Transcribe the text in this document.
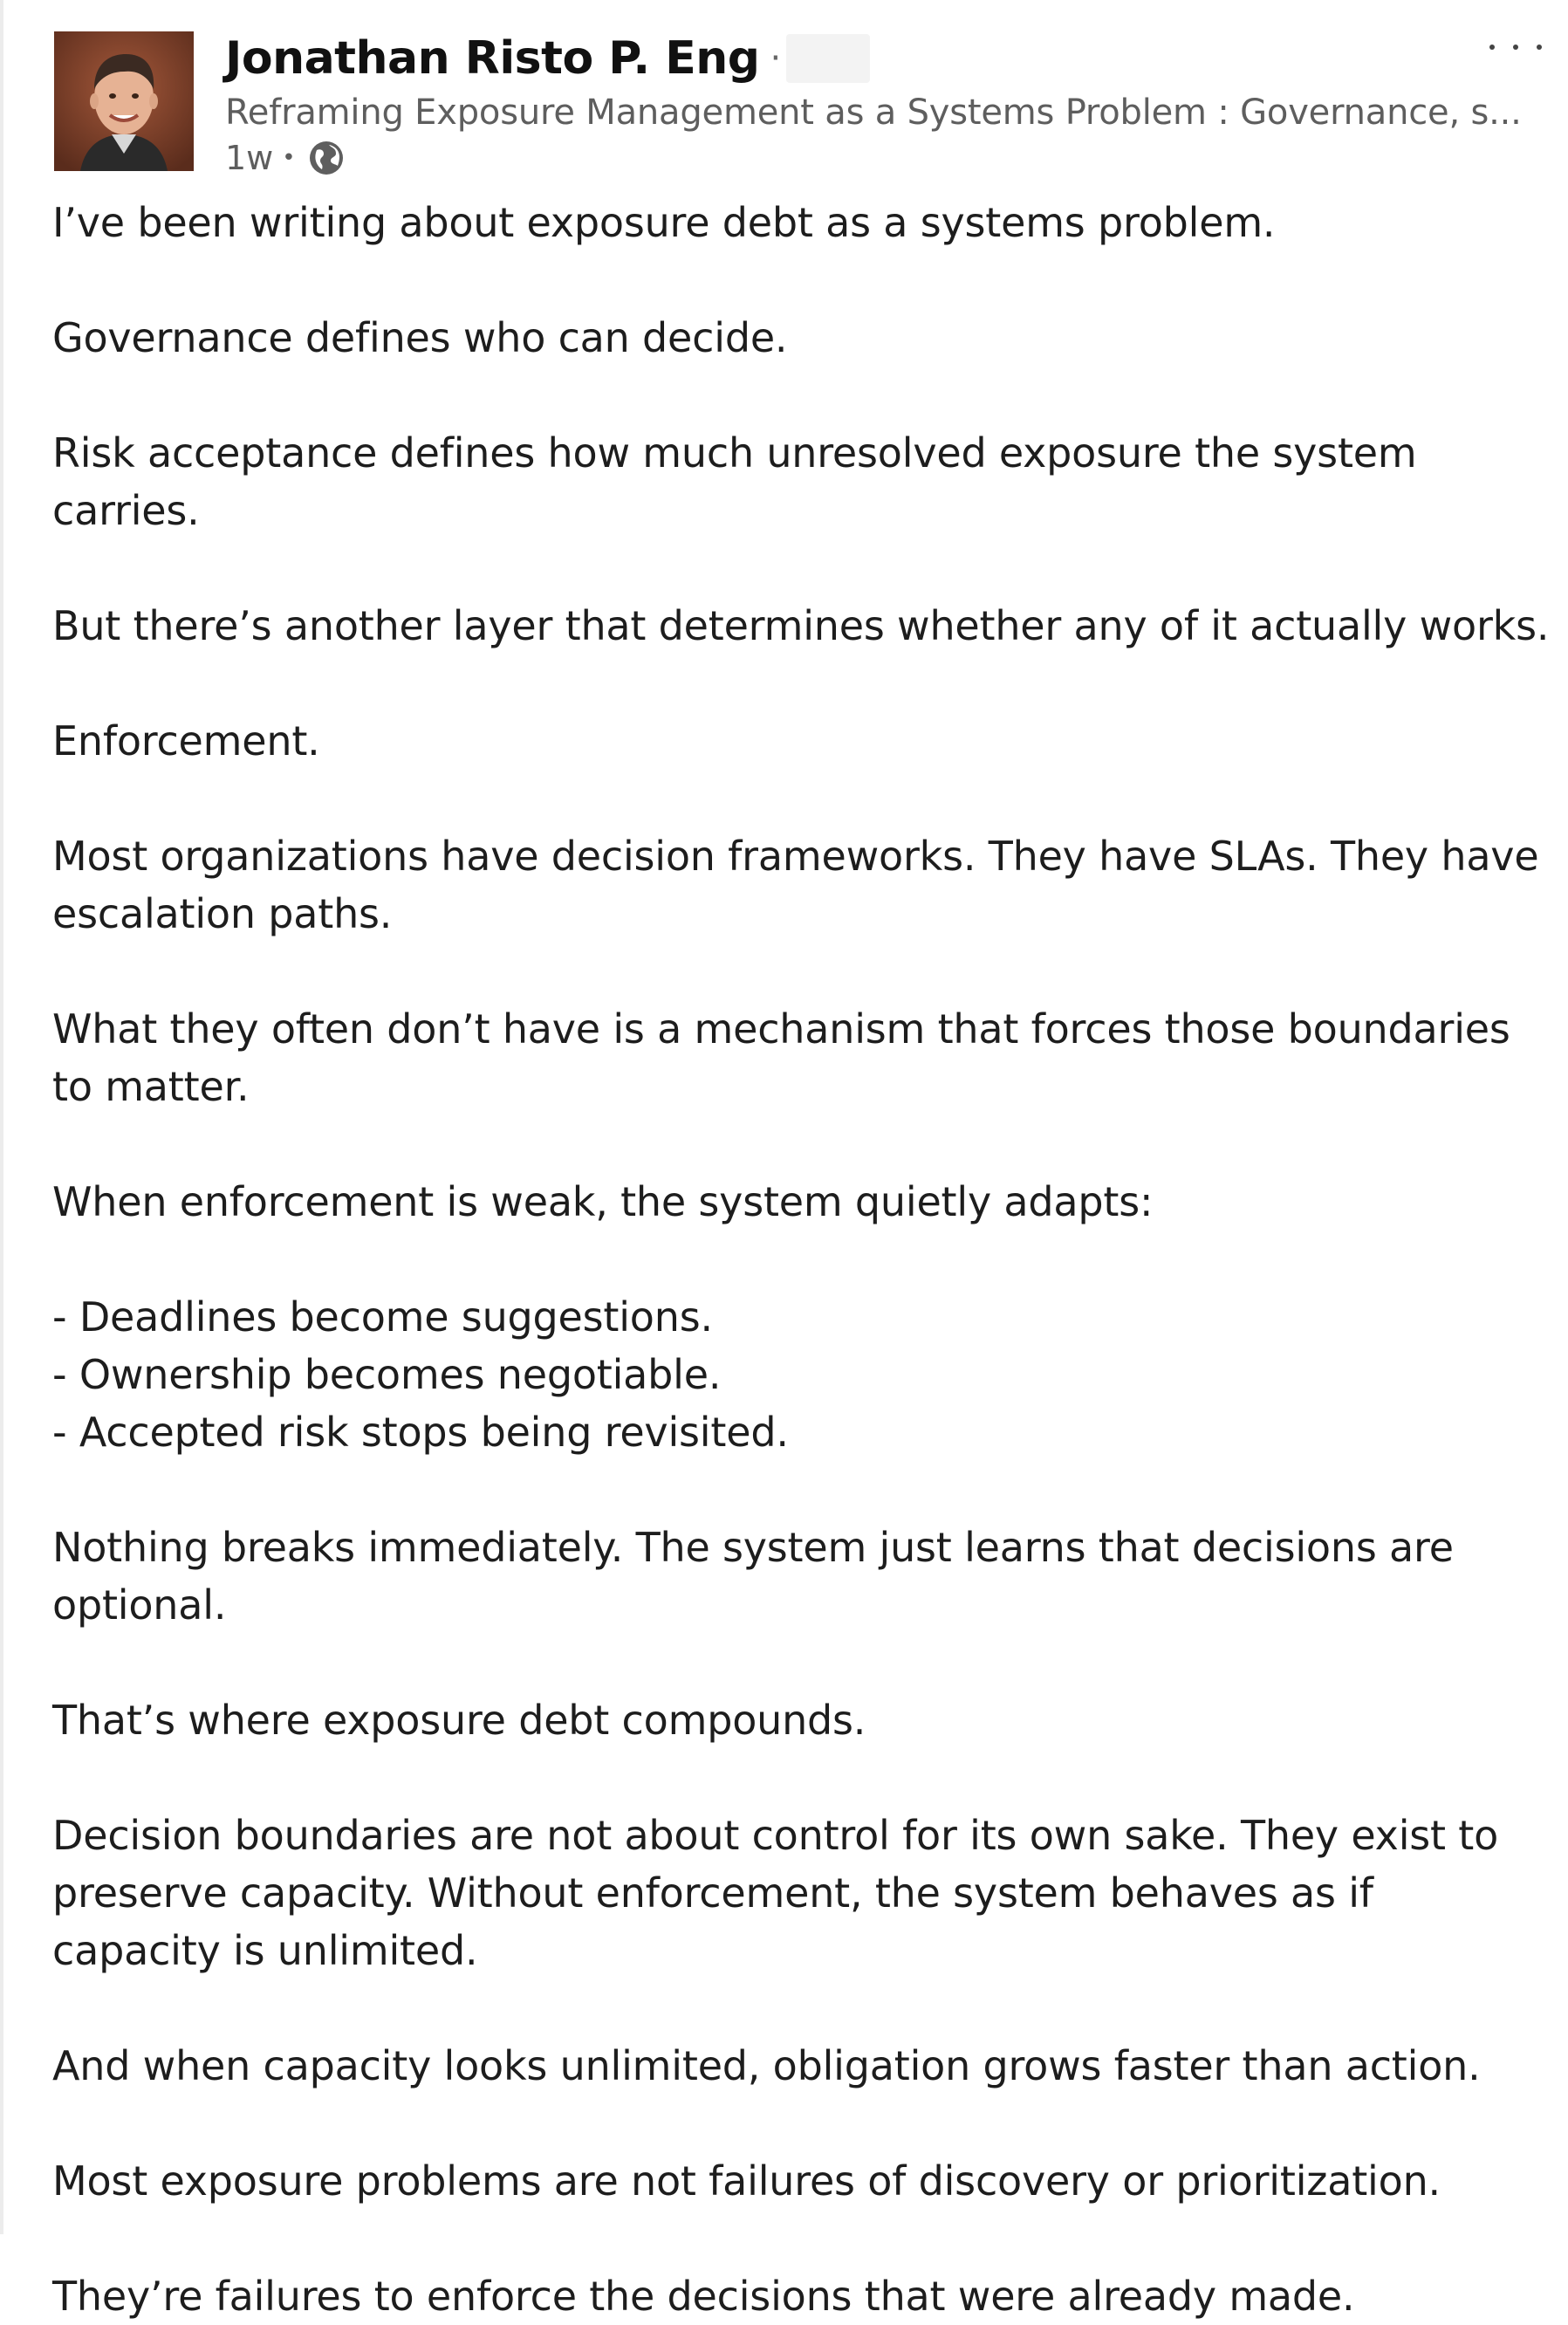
Jonathan Risto P. Eng ·
Reframing Exposure Management as a Systems Problem : Governance, s...
1w •

I’ve been writing about exposure debt as a systems problem.

Governance defines who can decide.

Risk acceptance defines how much unresolved exposure the system carries.

But there’s another layer that determines whether any of it actually works.

Enforcement.

Most organizations have decision frameworks. They have SLAs. They have escalation paths.

What they often don’t have is a mechanism that forces those boundaries to matter.

When enforcement is weak, the system quietly adapts:

- Deadlines become suggestions.
- Ownership becomes negotiable.
- Accepted risk stops being revisited.

Nothing breaks immediately. The system just learns that decisions are optional.

That’s where exposure debt compounds.

Decision boundaries are not about control for its own sake. They exist to preserve capacity. Without enforcement, the system behaves as if capacity is unlimited.

And when capacity looks unlimited, obligation grows faster than action.

Most exposure problems are not failures of discovery or prioritization.

They’re failures to enforce the decisions that were already made.
